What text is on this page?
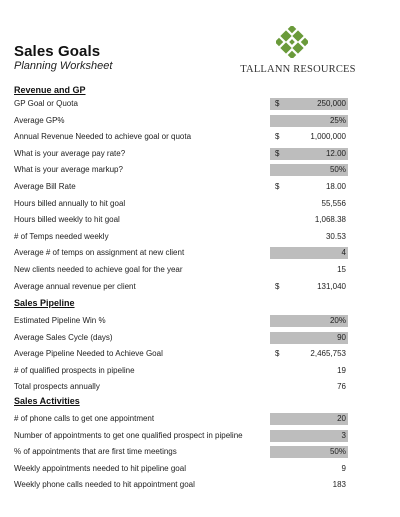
Sales Goals
Planning Worksheet	TALLANN RESOURCES
Revenue and GP
GP Goal or Quota	$	250,000
Average GP%	25%
Annual Revenue Needed to achieve goal or quota	$	1,000,000
What is your average pay rate?	$	12.00
What is your average markup?	50%
Average Bill Rate	$	18.00
Hours billed annually to hit goal	55,556
Hours billed weekly to hit goal	1,068.38
# of Temps needed weekly	30.53
Average # of temps on assignment at new client	4
New clients needed to achieve goal for the year	15
Average annual revenue per client	$	131,040
Sales Pipeline
Estimated Pipeline Win %	20%
Average Sales Cycle (days)	90
Average Pipeline Needed to Achieve Goal	$	2,465,753
# of qualified prospects in pipeline	19
Total prospects annually	76
Sales Activities
# of phone calls to get one appointment	20
Number of appointments to get one qualified prospect in pipeline	3
% of appointments that are first time meetings	50%
Weekly appointments needed to hit pipeline goal	9
Weekly phone calls needed to hit appointment goal	183
